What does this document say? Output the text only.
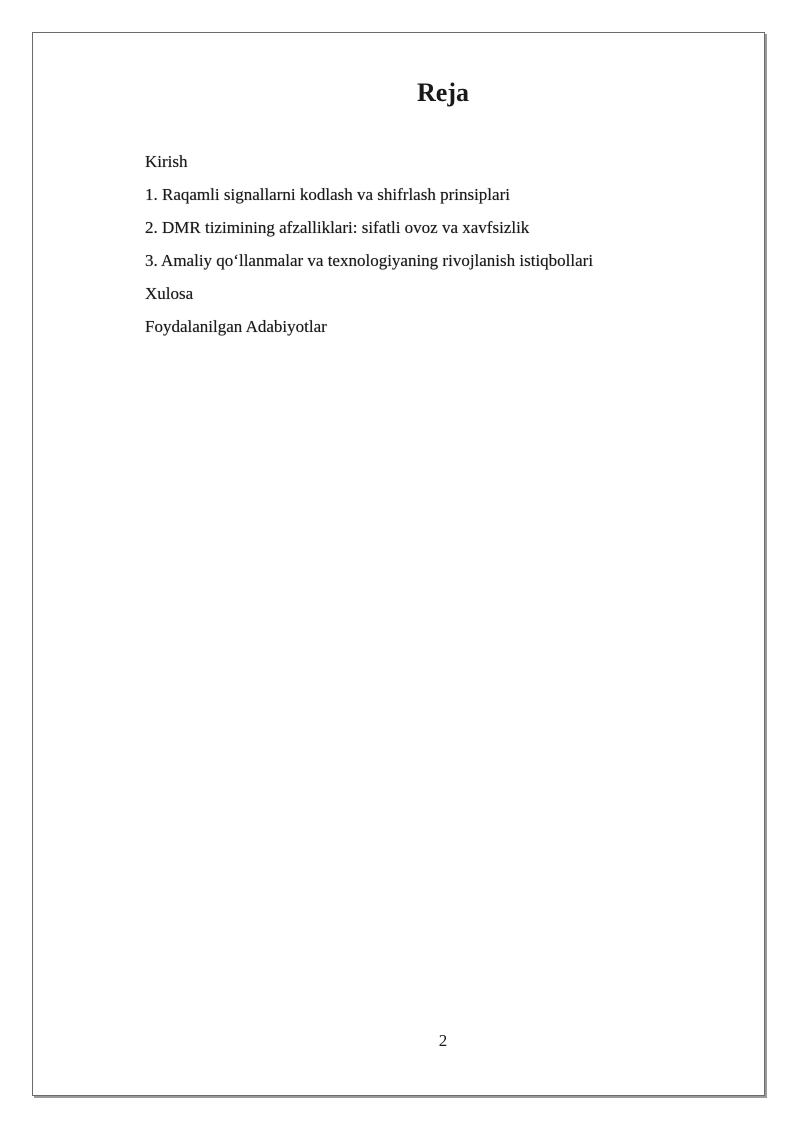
Reja
Kirish
1. Raqamli signallarni kodlash va shifrlash prinsiplari
2. DMR tizimining afzalliklari: sifatli ovoz va xavfsizlik
3. Amaliy qo‘llanmalar va texnologiyaning rivojlanish istiqbollari
Xulosa
Foydalanilgan Adabiyotlar
2
